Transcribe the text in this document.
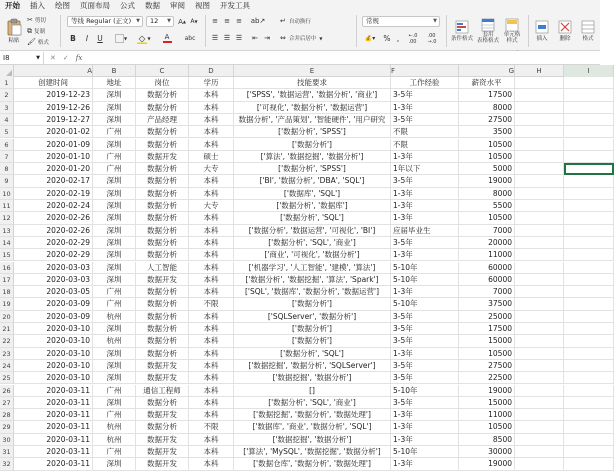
开始	插入	绘图	页面布局	公式	数据	审阅	视图	开发工具
粘贴
✂ 剪切
⧉ 复制
🖌 格式
等线 Regular (正文) ▼	12 ▼ A ▲ A ▼
B	I	U	▼	▼ A	abc
≡ ≡ ≡ ab↗
☰ ☰ ☰ ⇤ ⇥
↵ 自动换行
⇔ 合并后居中 ▼
常规	▼
💰▾ % ,	←.0
.00
.00
→.0	条件格式
套用
表格格式
单元格
样式	插入 删除 格式
I8	▼ ✕ ✓ fx
A	B	C	D	E	F	G	H	I
1	创建时间	地址	岗位	学历	技能要求	工作经验	薪资水平
2	2019-12-23	深圳	数据分析	本科	['SPSS', '数据运营', '数据分析', '商业']	3-5年	17500
3	2019-12-26	深圳	数据分析	本科	['可视化', '数据分析', '数据运营']	1-3年	8000
4	2019-12-27	深圳	产品经理	本科	数据分析', '产品策划', '智能硬件', '用户研究	3-5年	27500
5	2020-01-02	广州	数据分析	本科	['数据分析', 'SPSS']	不限	3500
6	2020-01-09	深圳	数据分析	本科	['数据分析']	不限	10500
7	2020-01-10	广州	数据开发	硕士	['算法', '数据挖掘', '数据分析']	1-3年	10500
8	2020-01-20	广州	数据分析	大专	['数据分析', 'SPSS']	1年以下	5000
9	2020-02-17	深圳	数据分析	本科	['BI', '数据分析', 'DBA', 'SQL']	3-5年	19000
10	2020-02-19	深圳	数据分析	本科	['数据库', 'SQL']	1-3年	8000
11	2020-02-24	深圳	数据分析	大专	['数据分析', '数据库']	1-3年	5500
12	2020-02-26	深圳	数据分析	本科	['数据分析', 'SQL']	1-3年	10500
13	2020-02-26	深圳	数据分析	本科	['数据分析', '数据运营', '可视化', 'BI']	应届毕业生	7000
14	2020-02-29	深圳	数据分析	本科	['数据分析', 'SQL', '商业']	3-5年	20000
15	2020-02-29	深圳	数据分析	本科	['商业', '可视化', '数据分析']	1-3年	11000
16	2020-03-03	深圳	人工智能	本科	['机器学习', '人工智能', '建模', '算法']	5-10年	60000
17	2020-03-03	深圳	数据开发	本科	['数据分析', '数据挖掘', '算法', 'Spark']	5-10年	60000
18	2020-03-05	广州	数据分析	本科	['SQL', '数据库', '数据分析', '数据运营']	1-3年	7000
19	2020-03-09	广州	数据分析	不限	['数据分析']	5-10年	37500
20	2020-03-09	杭州	数据分析	本科	['SQLServer', '数据分析']	3-5年	25000
21	2020-03-10	深圳	数据分析	本科	['数据分析']	3-5年	17500
22	2020-03-10	杭州	数据分析	本科	['数据分析']	3-5年	15000
23	2020-03-10	深圳	数据分析	本科	['数据分析', 'SQL']	1-3年	10500
24	2020-03-10	深圳	数据开发	本科	['数据挖掘', '数据分析', 'SQLServer']	3-5年	27500
25	2020-03-10	深圳	数据开发	本科	['数据挖掘', '数据分析']	3-5年	22500
26	2020-03-11	广州	通信工程师	本科	[]	5-10年	19000
27	2020-03-11	深圳	数据分析	本科	['数据分析', 'SQL', '商业']	3-5年	15000
28	2020-03-11	广州	数据开发	本科	['数据挖掘', '数据分析', '数据处理']	1-3年	11000
29	2020-03-11	杭州	数据分析	不限	['数据库', '商业', '数据分析', 'SQL']	1-3年	10500
30	2020-03-11	杭州	数据开发	本科	['数据挖掘', '数据分析']	1-3年	8500
31	2020-03-11	广州	数据开发	本科	['算法', 'MySQL', '数据挖掘', '数据分析']	5-10年	30000
32	2020-03-11	深圳	数据开发	本科	['数据仓库', '数据分析', '数据处理']	1-3年	19000
